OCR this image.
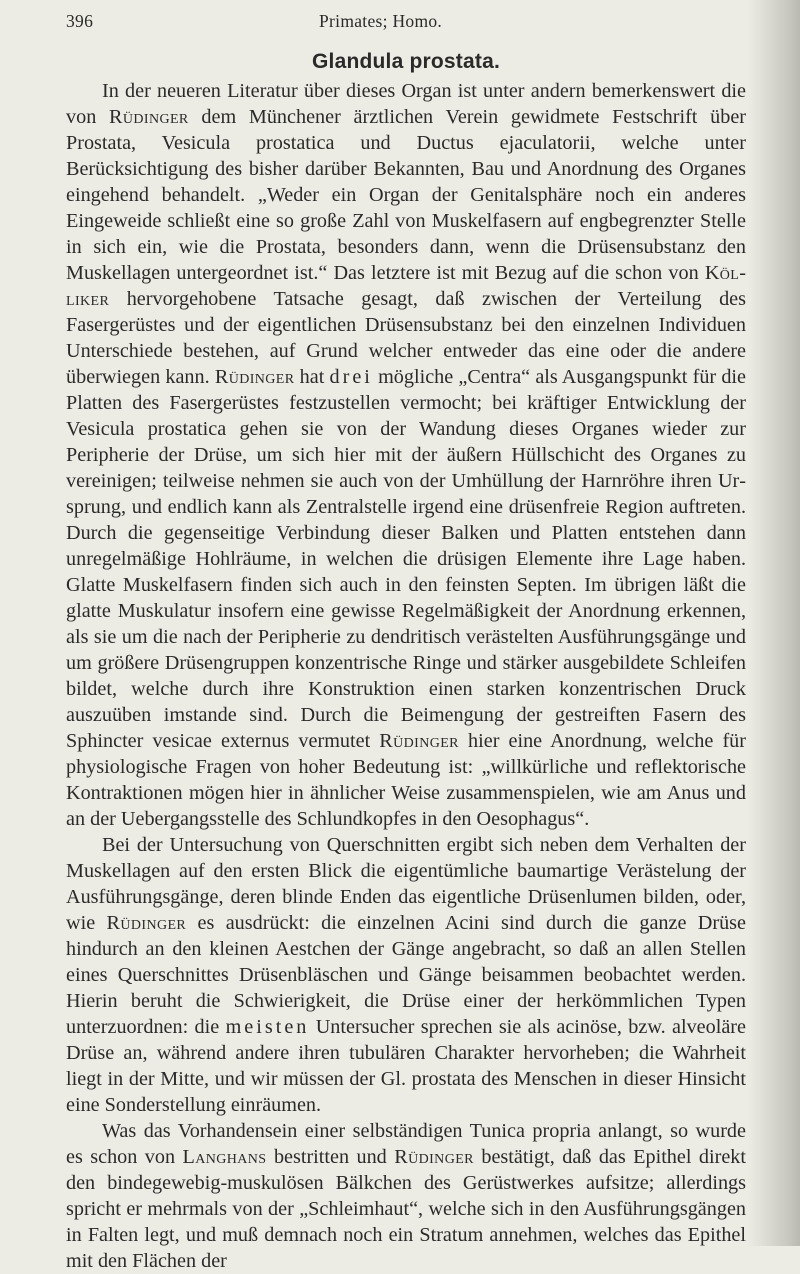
396	Primates; Homo.
Glandula prostata.

In der neueren Literatur über dieses Organ ist unter andern bemerkenswert die von Rüdinger dem Münchener ärztlichen Verein gewidmete Festschrift über Prostata, Vesicula prostatica und Ductus ejaculatorii, welche unter Berücksichtigung des bisher darüber Bekannten, Bau und Anordnung des Organes eingehend behandelt. „Weder ein Organ der Genitalsphäre noch ein anderes Eingeweide schließt eine so große Zahl von Muskelfasern auf engbegrenzter Stelle in sich ein, wie die Prostata, besonders dann, wenn die Drüsensubstanz den Muskellagen untergeordnet ist.“ Das letztere ist mit Bezug auf die schon von Kölliker hervorgehobene Tatsache gesagt, daß zwischen der Verteilung des Fasergerüstes und der eigentlichen Drüsensubstanz bei den einzelnen Individuen Unterschiede bestehen, auf Grund welcher entweder das eine oder die andere überwiegen kann. Rüdinger hat drei mögliche „Centra“ als Ausgangspunkt für die Platten des Fasergerüstes festzustellen vermocht; bei kräftiger Entwicklung der Vesicula prostatica gehen sie von der Wandung dieses Organes wieder zur Peripherie der Drüse, um sich hier mit der äußern Hüllschicht des Organes zu vereinigen; teilweise nehmen sie auch von der Umhüllung der Harnröhre ihren Ursprung, und endlich kann als Zentralstelle irgend eine drüsenfreie Region auftreten. Durch die gegenseitige Verbindung dieser Balken und Platten entstehen dann unregelmäßige Hohlräume, in welchen die drüsigen Elemente ihre Lage haben. Glatte Muskelfasern finden sich auch in den feinsten Septen. Im übrigen läßt die glatte Muskulatur insofern eine gewisse Regelmäßigkeit der Anordnung erkennen, als sie um die nach der Peripherie zu dendritisch verästelten Ausführungsgänge und um größere Drüsengruppen konzentrische Ringe und stärker ausgebildete Schleifen bildet, welche durch ihre Konstruktion einen starken konzentrischen Druck auszuüben imstande sind. Durch die Beimengung der gestreiften Fasern des Sphincter vesicae externus vermutet Rüdinger hier eine Anordnung, welche für physiologische Fragen von hoher Bedeutung ist: „willkürliche und reflektorische Kontraktionen mögen hier in ähnlicher Weise zusammenspielen, wie am Anus und an der Uebergangsstelle des Schlundkopfes in den Oesophagus“.

Bei der Untersuchung von Querschnitten ergibt sich neben dem Verhalten der Muskellagen auf den ersten Blick die eigentümliche baumartige Verästelung der Ausführungsgänge, deren blinde Enden das eigentliche Drüsenlumen bilden, oder, wie Rüdinger es ausdrückt: die einzelnen Acini sind durch die ganze Drüse hindurch an den kleinen Aestchen der Gänge angebracht, so daß an allen Stellen eines Querschnittes Drüsenbläschen und Gänge beisammen beobachtet werden. Hierin beruht die Schwierigkeit, die Drüse einer der herkömmlichen Typen unterzuordnen: die meisten Untersucher sprechen sie als acinöse, bzw. alveoläre Drüse an, während andere ihren tubulären Charakter hervorheben; die Wahrheit liegt in der Mitte, und wir müssen der Gl. prostata des Menschen in dieser Hinsicht eine Sonderstellung einräumen.

Was das Vorhandensein einer selbständigen Tunica propria anlangt, so wurde es schon von Langhans bestritten und Rüdinger bestätigt, daß das Epithel direkt den bindegewebig-muskulösen Bälkchen des Gerüstwerkes aufsitze; allerdings spricht er mehrmals von der „Schleimhaut“, welche sich in den Ausführungsgängen in Falten legt, und muß demnach noch ein Stratum annehmen, welches das Epithel mit den Flächen der
